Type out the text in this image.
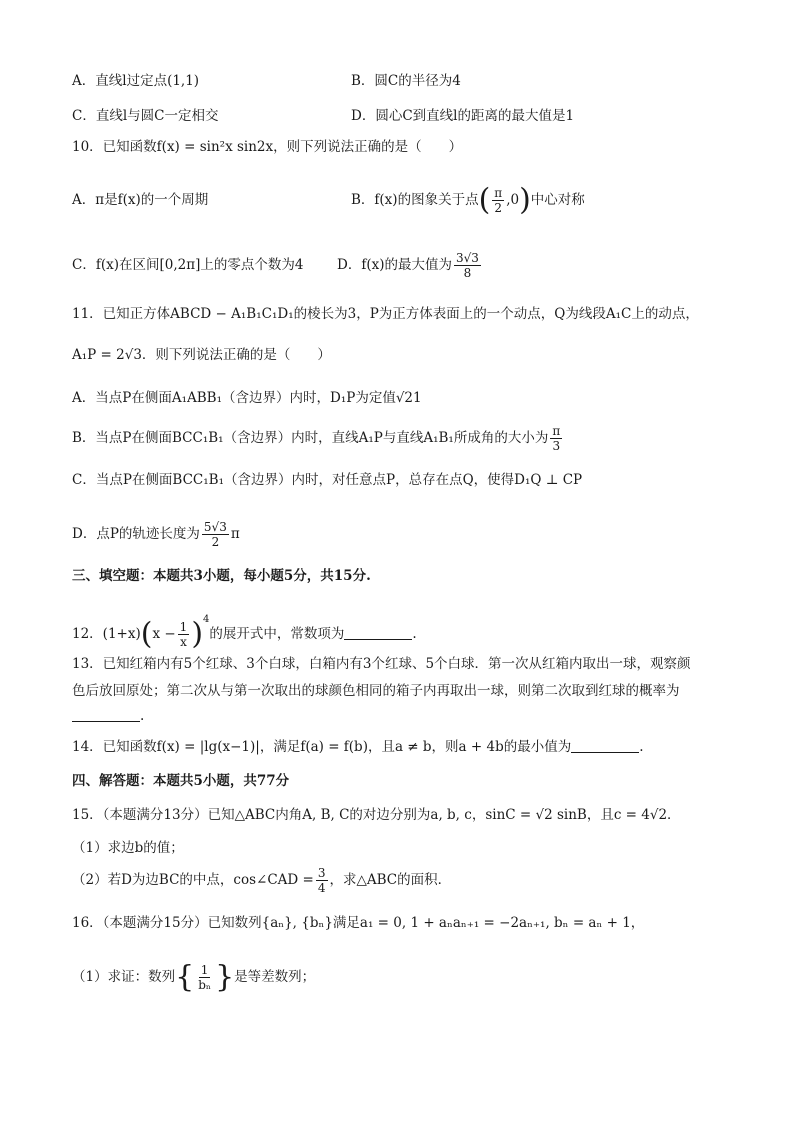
A．直线l过定点(1,1)	B．圆C的半径为4
C．直线l与圆C一定相交	D．圆心C到直线l的距离的最大值是1
10．已知函数f(x) = sin²x sin2x，则下列说法正确的是（　　）
A．π是f(x)的一个周期	B．f(x)的图象关于点( $\frac{\pi}{2} ,0$)中心对称
C．f(x)在区间[0,2π]上的零点个数为4 D．f(x)的最大值为 $\frac{3√3}{8}$
11．已知正方体ABCD − A₁B₁C₁D₁的棱长为3，P为正方体表面上的一个动点，Q为线段A₁C上的动点，
A₁P = 2√3．则下列说法正确的是（　　）
A．当点P在侧面A₁ABB₁（含边界）内时，D₁P为定值√21
B．当点P在侧面BCC₁B₁（含边界）内时，直线A₁P与直线A₁B₁所成角的大小为 $\frac{\pi}{3}$
C．当点P在侧面BCC₁B₁（含边界）内时，对任意点P，总存在点Q，使得D₁Q ⊥ CP
D．点P的轨迹长度为 $\frac{5√3}{2}$ π
三、填空题：本题共3小题，每小题5分，共15分.
12．$(1+x)(x - \frac{1}{x} )^4$的展开式中，常数项为	.
13．已知红箱内有5个红球、3个白球，白箱内有3个红球、5个白球．第一次从红箱内取出一球，观察颜
色后放回原处；第二次从与第一次取出的球颜色相同的箱子内再取出一球，则第二次取到红球的概率为
.
14．已知函数f(x) = |lg(x−1)|，满足f(a) = f(b)，且a ≠ b，则a + 4b的最小值为	.
四、解答题：本题共5小题，共77分
15．（本题满分13分）已知△ABC内角A, B, C的对边分别为a, b, c，sinC = √2 sinB，且c = 4√2．
（1）求边b的值；
（2）若D为边BC的中点，cos∠CAD = $\frac{3}{4}$ ，求△ABC的面积．
16．（本题满分15分）已知数列{aₙ}, {bₙ}满足a₁ = 0, 1 + aₙaₙ₊₁ = −2aₙ₊₁, bₙ = aₙ + 1，
（1）求证：数列{ $\frac{1}{\text{bₙ}}$ }是等差数列；
